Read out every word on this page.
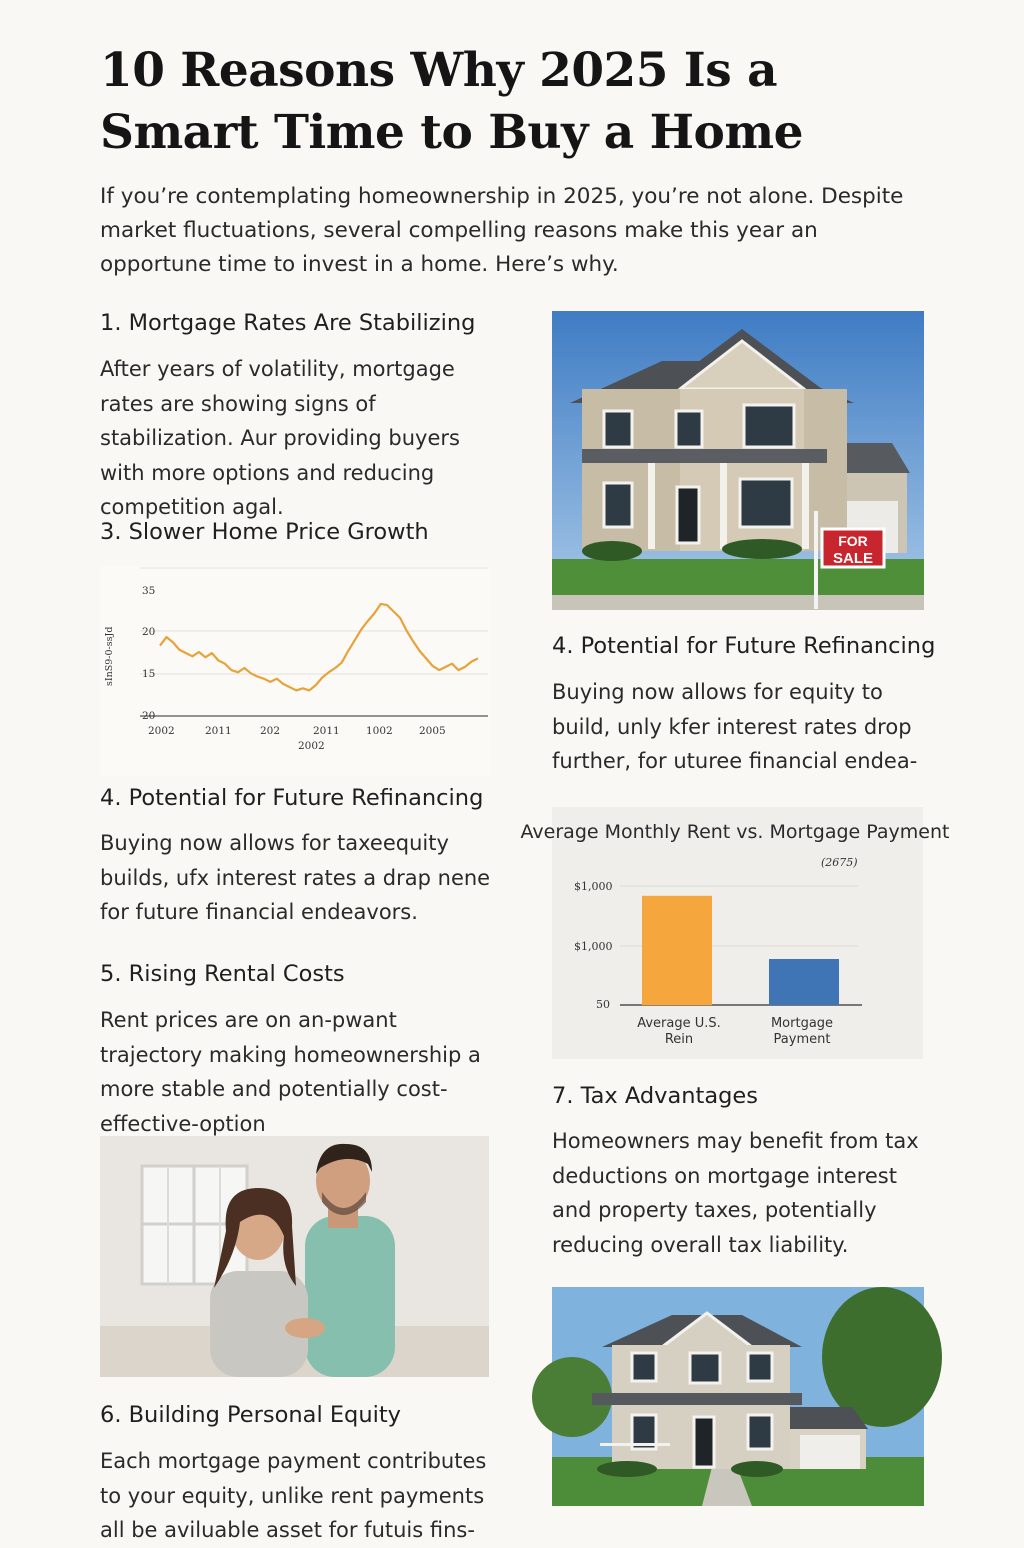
10 Reasons Why 2025 Is a Smart Time to Buy a Home

If you’re contemplating homeownership in 2025, you’re not alone. Despite market fluctuations, several compelling reasons make this year an opportune time to invest in a home. Here’s why.

1. Mortgage Rates Are Stabilizing

After years of volatility, mortgage rates are showing signs of stabilization. Aur providing buyers with more options and reducing competition agal.

3. Slower Home Price Growth
35
20
15
20
sInS9-0-ssJd
2002	2011	202	2011	1002	2005
2002
4. Potential for Future Refinancing

Buying now allows for taxeequity builds, ufx interest rates a drap nene for future financial endeavors.

5. Rising Rental Costs

Rent prices are on an-pwant trajectory making homeownership a more stable and potentially cost-effective-option

6. Building Personal Equity

Each mortgage payment contributes to your equity, unlike rent payments all be aviluable asset for futuis fins-

FOR
SALE
4. Potential for Future Refinancing

Buying now allows for equity to build, unly kfer interest rates drop further, for uturee financial endea-

Average Monthly Rent vs. Mortgage Payment
(2675)
$1,000
$1,000
50
Average U.S.
Rein
Mortgage
Payment
7. Tax Advantages

Homeowners may benefit from tax deductions on mortgage interest and property taxes, potentially reducing overall tax liability.
